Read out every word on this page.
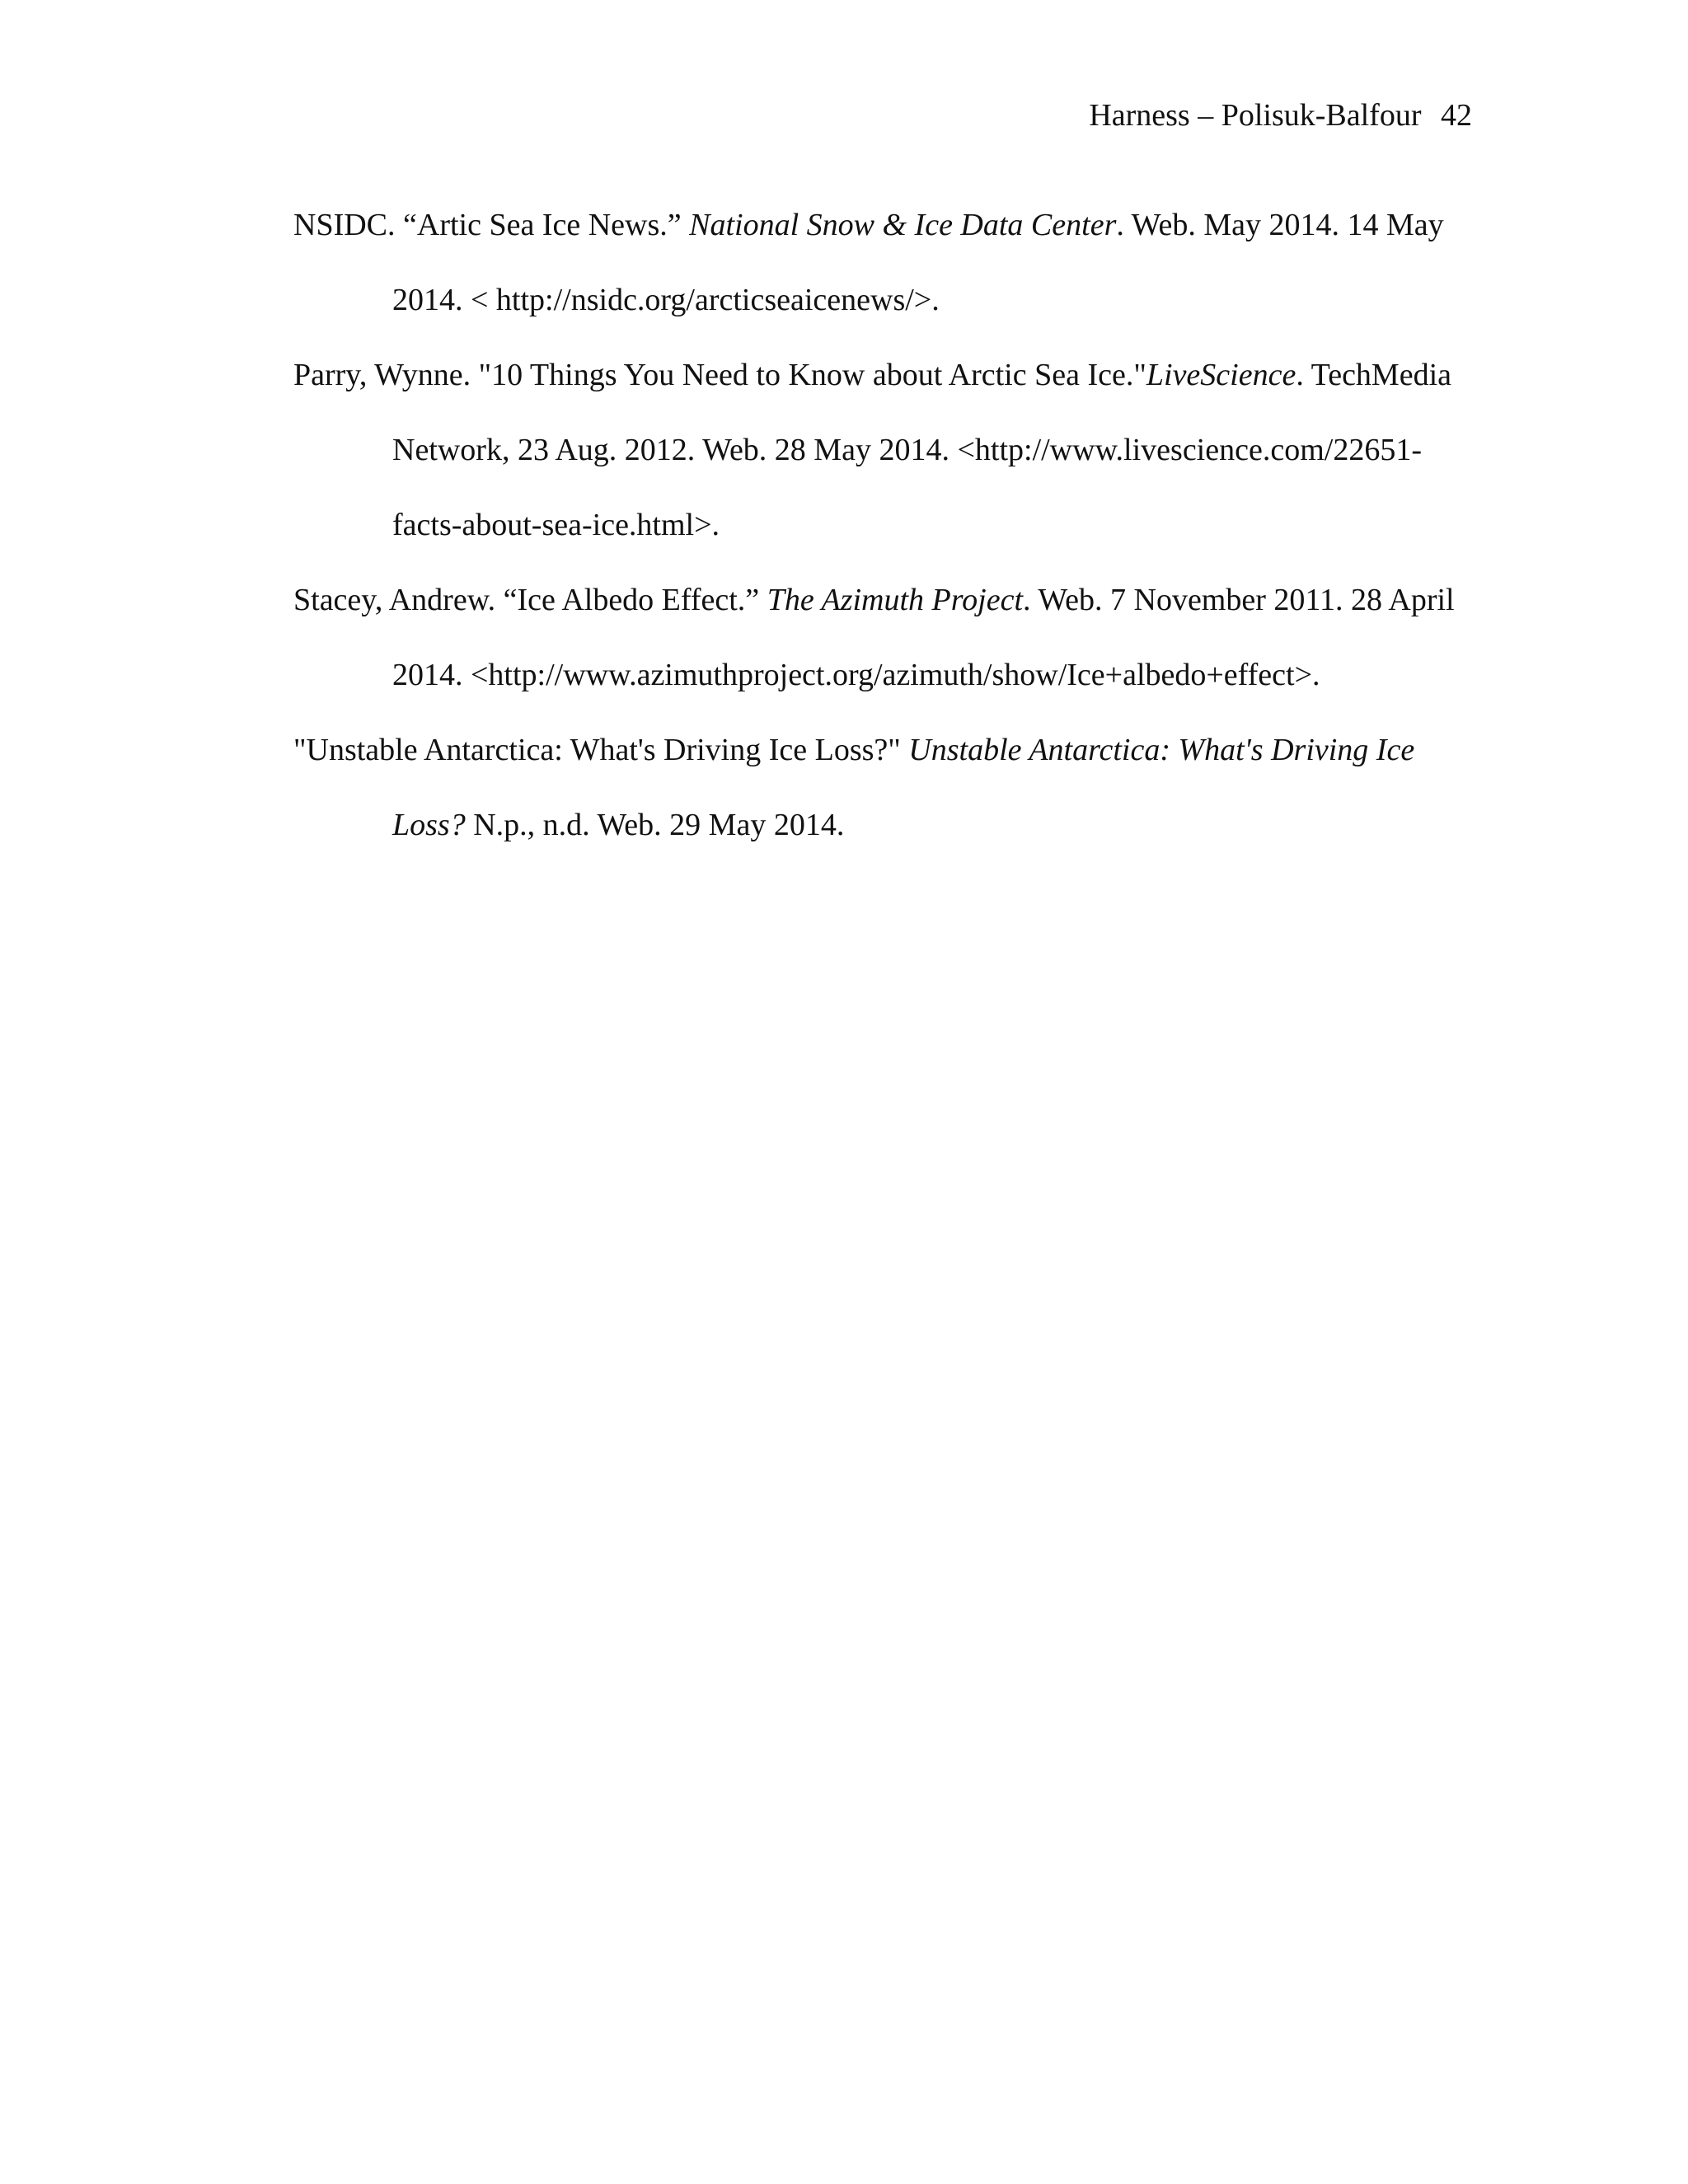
Harness – Polisuk-Balfour 42
NSIDC. “Artic Sea Ice News.” National Snow & Ice Data Center. Web. May 2014. 14 May 2014. < http://nsidc.org/arcticseaicenews/>.
Parry, Wynne. "10 Things You Need to Know about Arctic Sea Ice."LiveScience. TechMedia Network, 23 Aug. 2012. Web. 28 May 2014. <http://www.livescience.com/22651-facts-about-sea-ice.html>.
Stacey, Andrew. “Ice Albedo Effect.” The Azimuth Project. Web. 7 November 2011. 28 April 2014. <http://www.azimuthproject.org/azimuth/show/Ice+albedo+effect>.
"Unstable Antarctica: What's Driving Ice Loss?" Unstable Antarctica: What's Driving Ice Loss? N.p., n.d. Web. 29 May 2014.
